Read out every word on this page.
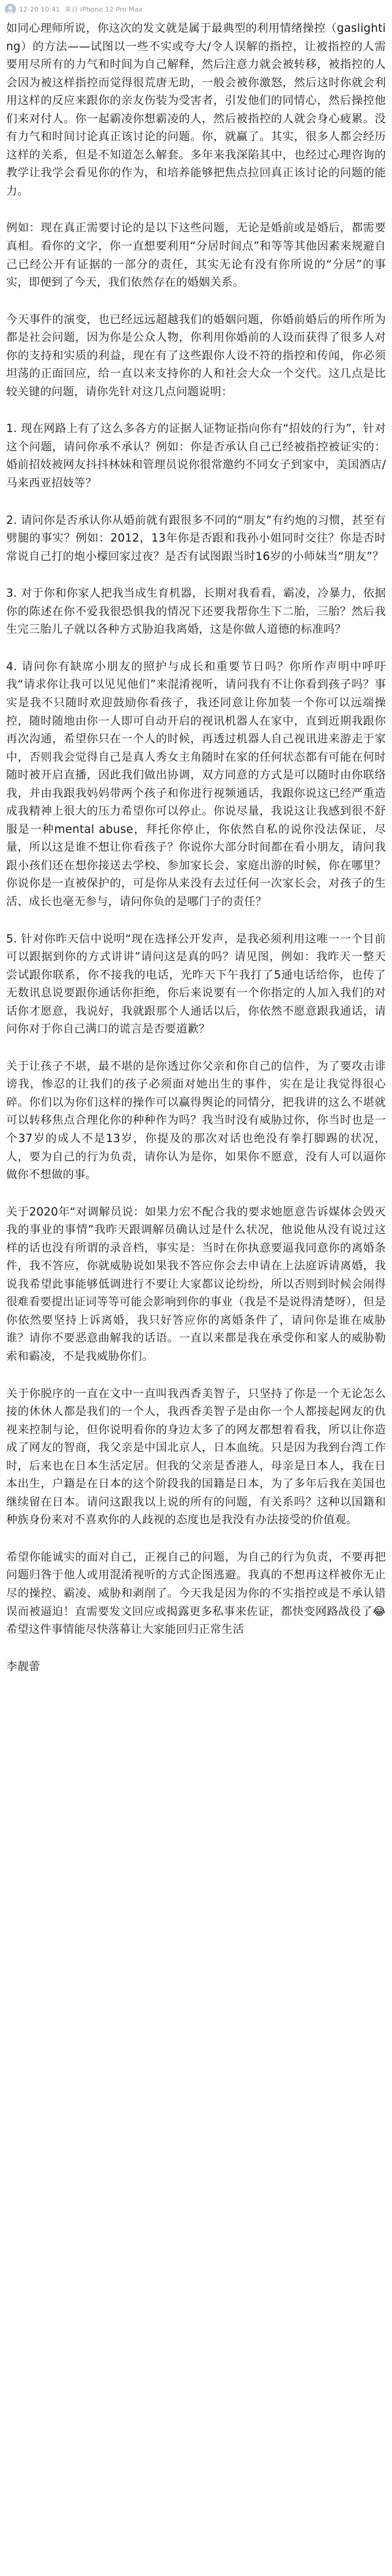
12-20 10:41 来自 iPhone 12 Pro Max

如同心理师所说，你这次的发文就是属于最典型的利用情绪操控（gaslighting）的方法——试图以一些不实或夸大/令人误解的指控，让被指控的人需要用尽所有的力气和时间为自己解释，然后注意力就会被转移，被指控的人会因为被这样指控而觉得很荒唐无助，一般会被你激怒，然后这时你就会利用这样的反应来跟你的亲友伤装为受害者，引发他们的同情心，然后操控他们来对付人。你一起霸凌你想霸凌的人，然后被指控的人就会身心疲累。没有力气和时间讨论真正该讨论的问题。你，就赢了。其实，很多人都会经历这样的关系，但是不知道怎么解套。多年来我深陷其中，也经过心理咨询的教学让我学会看见你的作为，和培养能够把焦点拉回真正该讨论的问题的能力。

例如：现在真正需要讨论的是以下这些问题，无论是婚前或是婚后，都需要真相。看你的文字，你一直想要利用“分居时间点”和等等其他因素来规避自己已经公开有证据的一部分的责任，其实无论有没有你所说的“分居”的事实，即便到了今天，我们依然存在的婚姻关系。

今天事件的演变，也已经远远超越我们的婚姻问题，你婚前婚后的所作所为都是社会问题，因为你是公众人物，你利用你婚前的人设而获得了很多人对你的支持和实质的利益，现在有了这些跟你人设不符的指控和传闻，你必须坦荡的正面回应，给一直以来支持你的人和社会大众一个交代。这几点是比较关键的问题，请你先针对这几点问题说明：

1. 现在网路上有了这么多各方的证据人证物证指向你有“招妓的行为”，针对这个问题，请问你承不承认？例如：你是否承认自己已经被指控被证实的：婚前招妓被网友抖抖林妹和管理员说你很常邀约不同女子到家中，美国酒店/马来西亚招妓等？

2. 请问你是否承认你从婚前就有跟很多不同的“朋友”有约炮的习惯，甚至有劈腿的事实？例如：2012，13年你是否跟和我孙小姐同时交往？你是否时常说自己打的炮小檬回家过夜？是否有试图跟当时16岁的小师妹当“朋友”？

3. 对于你和你家人把我当成生育机器，长期对我看看，霸凌，冷暴力，依据你的陈述在你不爱我很恐惧我的情况下还要我帮你生下二胎，三胎？然后我生完三胎儿子就以各种方式胁迫我离婚，这是你做人道德的标准吗？

4. 请问你有缺席小朋友的照护与成长和重要节日吗？你所作声明中呼吁我“请求你让我可以见见他们”来混淆视听，请问我有不让你看到孩子吗？事实是我不只随时欢迎鼓励你看孩子，我还同意让你加装一个你可以远端操控，随时随地由你一人即可自动开启的视讯机器人在家中，直到近期我跟你再次沟通，希望你只在一个人的时候，再透过机器人自己视讯进来游走于家中，否则我会觉得自己是真人秀女主角随时在家的任何状态都有可能在何时随时被开启直播，因此我们做出协调，双方同意的方式是可以随时由你联络我，并由我跟我妈妈带两个孩子和你进行视频通话，我跟你说这已经严重造成我精神上很大的压力希望你可以停止。你说尽量，我说这让我感到很不舒服是一种mental abuse，拜托你停止，你依然自私的说你没法保证，尽量，所以这是谁不想让你看孩子？你说你大部分时间都在看小朋友，请问我跟小孩们还在想你接送去学校、参加家长会、家庭出游的时候，你在哪里？你说你是一直被保护的，可是你从来没有去过任何一次家长会，对孩子的生活、成长也毫无参与，请问你负的是哪门子的责任？

5. 针对你昨天信中说明“现在选择公开发声，是我必须利用这唯一一个目前可以跟据到你的方式讲讲”请问这是真的吗？请见图，例如：我昨天一整天尝试跟你联系，你不接我的电话，光昨天下午我打了5通电话给你，也传了无数讯息说要跟你通话你拒绝，你后来说要有一个你指定的人加入我们的对话你才愿意，我说好，我就跟那个人通话以后，你依然不愿意跟我通话，请问你对于你自己满口的谎言是否要道歉？

关于让孩子不堪，最不堪的是你透过你父亲和你自己的信件，为了要攻击诽谤我，惨忍的让我们的孩子必须面对她出生的事件，实在是让我觉得很心碎。你们以为你们这样的操作可以赢得舆论的同情分，把我讲的这么不堪就可以转移焦点合理化你的种种作为吗？我当时没有威胁过你，你当时也是一个37岁的成人不是13岁，你提及的那次对话也绝没有拳打脚踢的状况，人，要为自己的行为负责，请你认为是你，如果你不愿意，没有人可以逼你做你不想做的事。

关于2020年“对调解员说：如果力宏不配合我的要求她愿意告诉媒体会毁灭我的事业的事情”我昨天跟调解员确认过是什么状况，他说他从没有说过这样的话也没有所谓的录音档，事实是：当时在你执意要逼我同意你的离婚条件，我不答应，你就威胁说如果我不答应你会去申请在上法庭诉请离婚，我说我希望此事能够低调进行不要让大家都议论纷纷，所以否则到时候会闹得很难看要提出证词等等可能会影响到你的事业（我是不是说得清楚呀），但是你依然要坚持上诉离婚，我只好答应你的离婚条件了，请问你是谁在威胁谁？请你不要恶意曲解我的话语。一直以来都是我在承受你和家人的威胁勒索和霸凌，不是我威胁你们。

关于你脱序的一直在文中一直叫我西香美智子，只坚持了你是一个无论怎么接的休休人都是我们的一个人，我西香美智子是由你一个人都接起网友的仇视来控制与论，但你说明看你的身边太多了的网友都想着看我，所以让你造成了网友的智商，我父亲是中国北京人，日本血统。只是因为我到台湾工作时，后来也在日本生活定居。但我的父亲是香港人，母亲是日本人，我在日本出生，户籍是在日本的这个阶段我的国籍是日本，为了多年后我在美国也继续留在日本。请问这跟我以上说的所有的问题，有关系吗？这种以国籍和种族身份来对不喜欢你的人歧视的态度也是我没有办法接受的价值观。

希望你能诚实的面对自己，正视自己的问题，为自己的行为负责，不要再把问题归咎于他人或用混淆视听的方式企图逃避。我真的不想再这样被你无止尽的操控、霸凌、威胁和剥削了。今天我是因为你的不实指控或是不承认错误而被逼迫！直需要发文回应或揭露更多私事来佐证，都快变网路战役了😂 希望这件事情能尽快落幕让大家能回归正常生活

李靓蕾
